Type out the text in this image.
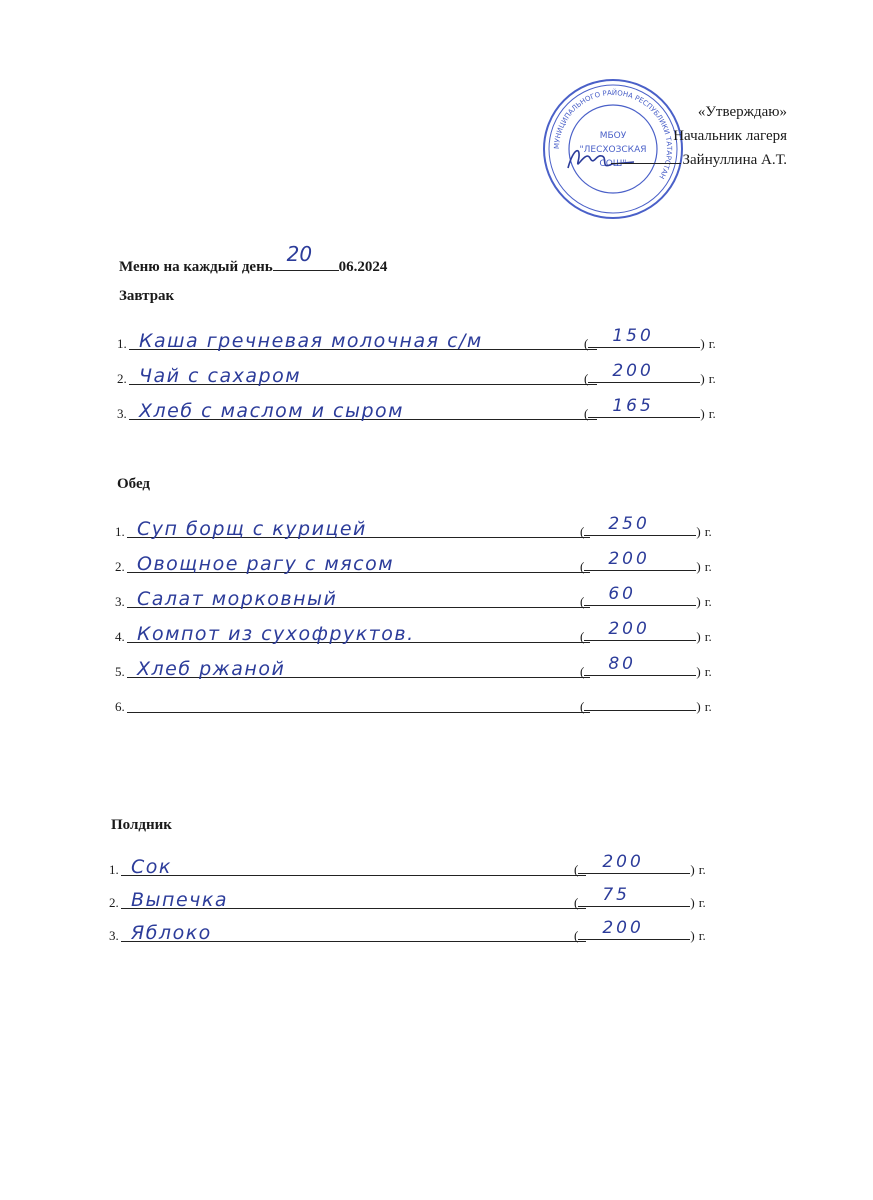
МУНИЦИПАЛЬНОГО РАЙОНА РЕСПУБЛИКИ ТАТАРСТАН
МБОУ
"ЛЕСХОЗСКАЯ
СОШ"
«Утверждаю»
Начальник лагеря
Зайнуллина А.Т.
Меню на каждый день
20
06.2024
Завтрак
1. Каша гречневая молочная с/м	( 150	) г.
2. Чай с сахаром	( 200	) г.
3. Хлеб с маслом и сыром	( 165	) г.
Обед
1. Суп борщ с курицей	( 250	) г.
2. Овощное рагу с мясом	( 200	) г.
3. Салат морковный	( 60	) г.
4. Компот из сухофруктов.	( 200	) г.
5. Хлеб ржаной	( 80	) г.
6.	(	) г.
Полдник
1. Сок	( 200	) г.
2. Выпечка	( 75	) г.
3. Яблоко	( 200	) г.
